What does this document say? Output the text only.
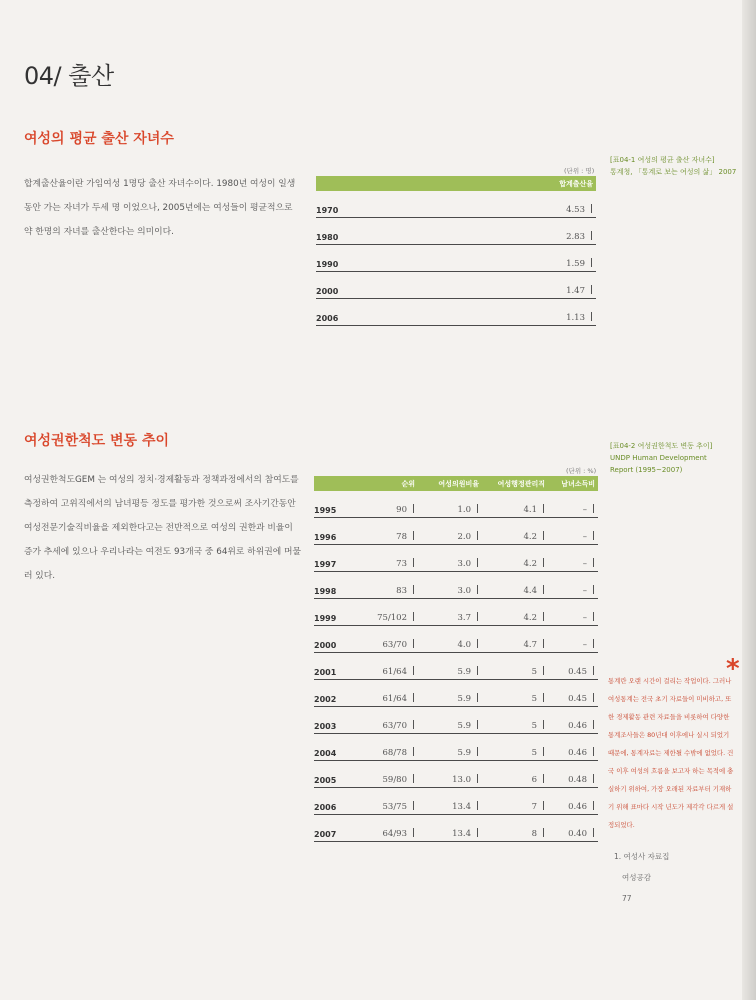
04/ 출산
여성의 평균 출산 자녀수
합계출산율이란 가임여성 1명당 출산 자녀수이다. 1980년 여성이 일생동안 가는 자녀가 두세 명 이었으나, 2005년에는 여성들이 평균적으로 약 한명의 자녀를 출산한다는 의미이다.
[표04-1 여성의 평균 출산 자녀수]
통계청, 「통계로 보는 여성의 삶」 2007
(단위 : 명)
	합계출산율
1970	4.53
1980	2.83
1990	1.59
2000	1.47
2006	1.13
여성권한척도 변동 추이
여성권한척도GEM 는 여성의 정치·경제활동과 정책과정에서의 참여도를 측정하여 고위직에서의 남녀평등 정도를 평가한 것으로써 조사기간동안 여성전문기술직비율을 제외한다고는 전반적으로 여성의 권한과 비율이 증가 추세에 있으나 우리나라는 여전도 93개국 중 64위로 하위권에 머물러 있다.
[표04-2 여성권한척도 변동 추이]
UNDP Human Development
Report (1995~2007)
(단위 : %)
	순위	여성의원비율	여성행정관리직	남녀소득비
1995	90	1.0	4.1	–
1996	78	2.0	4.2	–
1997	73	3.0	4.2	–
1998	83	3.0	4.4	–
1999	75/102	3.7	4.2	–
2000	63/70	4.0	4.7	–
2001	61/64	5.9	5	0.45
2002	61/64	5.9	5	0.45
2003	63/70	5.9	5	0.46
2004	68/78	5.9	5	0.46
2005	59/80	13.0	6	0.48
2006	53/75	13.4	7	0.46
2007	64/93	13.4	8	0.40
*
통계란 오랜 시간이 걸리는 작업이다. 그러나 여성통계는 전국 초기 자료들이 미비하고, 또한 경제활동 관련 자료들을 비롯하여 다양한 통계조사들은 80년대 이후에나 실시 되었기 때문에, 통계자료는 제한될 수밖에 없었다. 건국 이후 여성의 흐름을 보고자 하는 목적에 충실하기 위하여, 가장 오래된 자료부터 기재하기 위해 표마다 시작 년도가 제각각 다르게 설정되었다.
1. 여성사 자료집
여성공감
77
